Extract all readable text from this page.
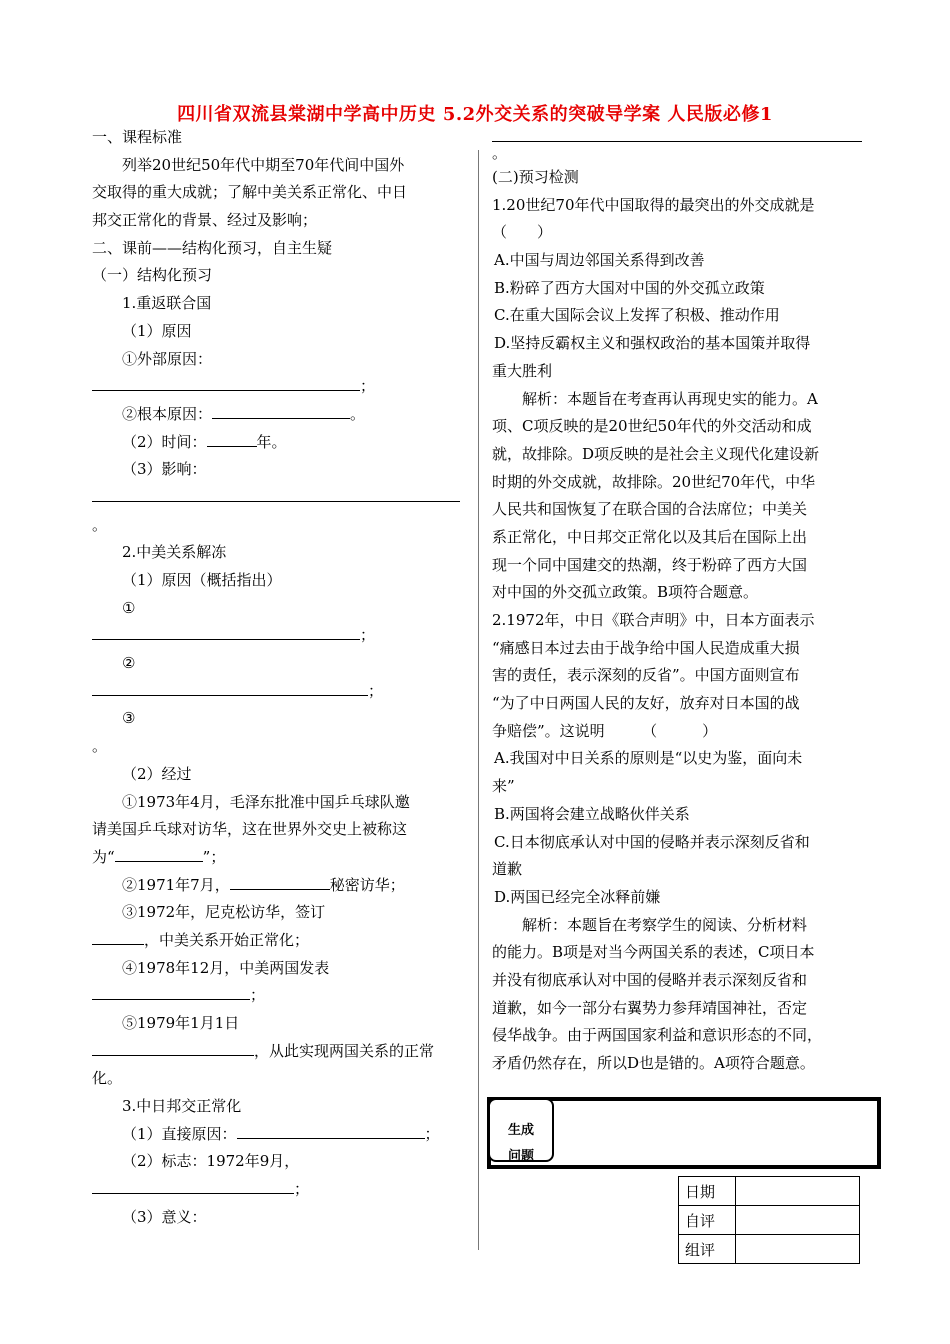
四川省双流县棠湖中学高中历史 5.2外交关系的突破导学案 人民版必修1
一、课程标准
列举20世纪50年代中期至70年代间中国外
交取得的重大成就；了解中美关系正常化、中日
邦交正常化的背景、经过及影响；
二、课前——结构化预习，自主生疑
（一）结构化预习
1.重返联合国
（1）原因
①外部原因：
；
②根本原因：	。
（2）时间：	年。
（3）影响：
。
2.中美关系解冻
（1）原因（概括指出）
①
；
②
；
③
。
（2）经过
①1973年4月，毛泽东批准中国乒乓球队邀
请美国乒乓球对访华，这在世界外交史上被称这
为“	”；
②1971年7月，	秘密访华；
③1972年，尼克松访华，签订
，中美关系开始正常化；
④1978年12月，中美两国发表
；
⑤1979年1月1日
，从此实现两国关系的正常
化。
3.中日邦交正常化
（1）直接原因：	；
（2）标志：1972年9月，
；
（3）意义：
。
(二)预习检测
1.20世纪70年代中国取得的最突出的外交成就是
（　　）
A.中国与周边邻国关系得到改善
B.粉碎了西方大国对中国的外交孤立政策
C.在重大国际会议上发挥了积极、推动作用
D.坚持反霸权主义和强权政治的基本国策并取得
重大胜利
解析：本题旨在考查再认再现史实的能力。A
项、C项反映的是20世纪50年代的外交活动和成
就，故排除。D项反映的是社会主义现代化建设新
时期的外交成就，故排除。20世纪70年代，中华
人民共和国恢复了在联合国的合法席位；中美关
系正常化，中日邦交正常化以及其后在国际上出
现一个同中国建交的热潮，终于粉碎了西方大国
对中国的外交孤立政策。B项符合题意。
2.1972年，中日《联合声明》中，日本方面表示
“痛感日本过去由于战争给中国人民造成重大损
害的责任，表示深刻的反省”。中国方面则宣布
“为了中日两国人民的友好，放弃对日本国的战
争赔偿”。这说明　　　（　　　）
A.我国对中日关系的原则是“以史为鉴，面向未
来”
B.两国将会建立战略伙伴关系
C.日本彻底承认对中国的侵略并表示深刻反省和
道歉
D.两国已经完全冰释前嫌
解析：本题旨在考察学生的阅读、分析材料
的能力。B项是对当今两国关系的表述，C项日本
并没有彻底承认对中国的侵略并表示深刻反省和
道歉，如今一部分右翼势力参拜靖国神社，否定
侵华战争。由于两国国家利益和意识形态的不同，
矛盾仍然存在，所以D也是错的。A项符合题意。
生成
问题
日期	
自评	
组评	
